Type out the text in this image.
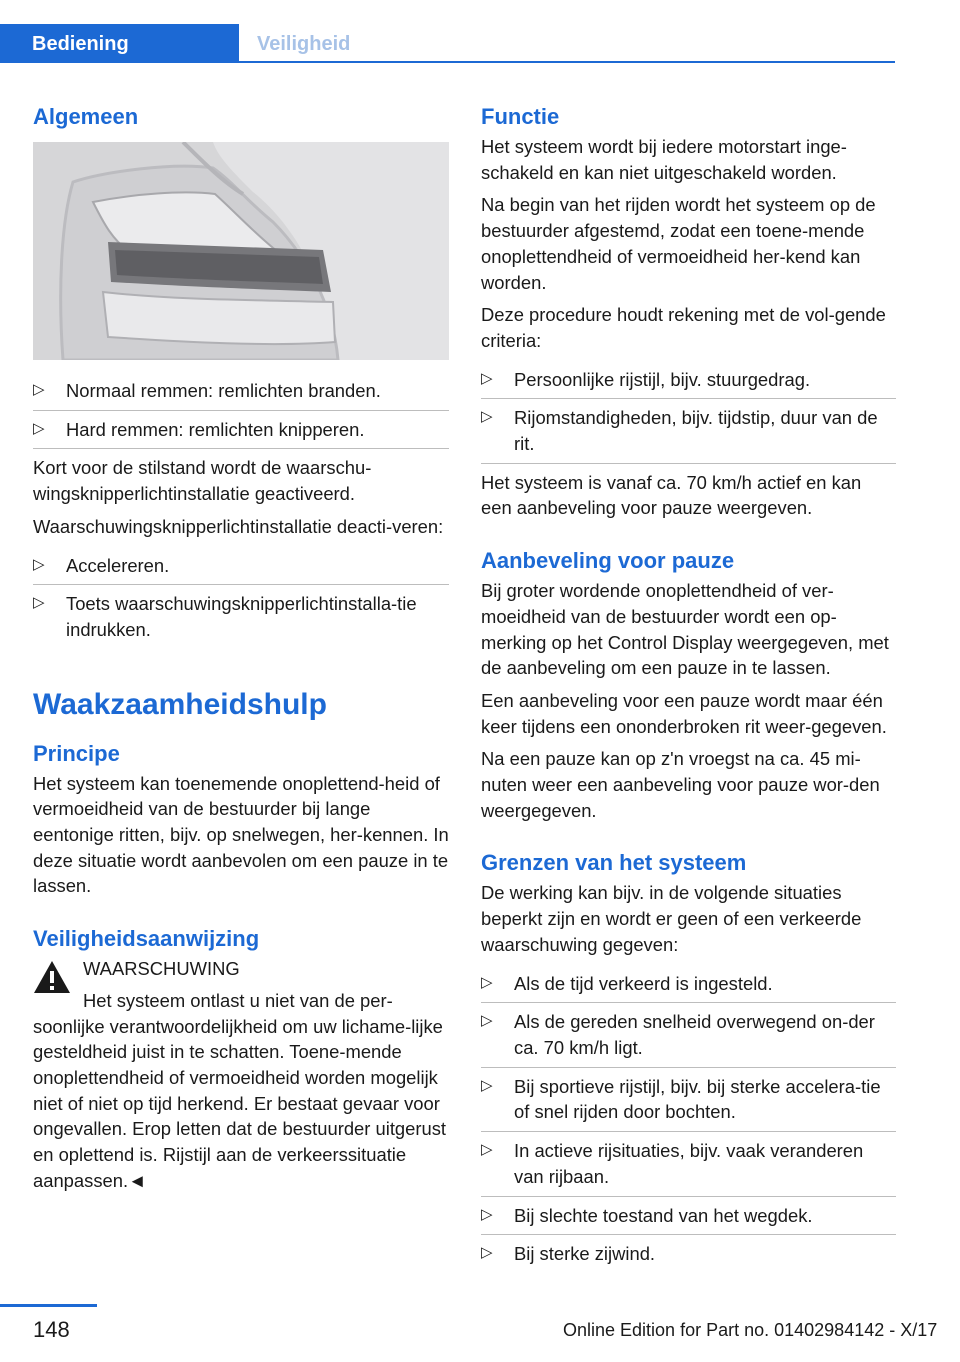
Bediening	Veiligheid
Algemeen
▷ Normaal remmen: remlichten branden.
▷ Hard remmen: remlichten knipperen.

Kort voor de stilstand wordt de waarschu-wingsknipperlichtinstallatie geactiveerd.

Waarschuwingsknipperlichtinstallatie deacti-veren:

▷ Accelereren.
▷ Toets waarschuwingsknipperlichtinstalla-tie indrukken.
Waakzaamheidshulp
Principe

Het systeem kan toenemende onoplettend-heid of vermoeidheid van de bestuurder bij lange eentonige ritten, bijv. op snelwegen, her-kennen. In deze situatie wordt aanbevolen om een pauze in te lassen.

Veiligheidsaanwijzing

WAARSCHUWING

Het systeem ontlast u niet van de per-soonlijke verantwoordelijkheid om uw lichame-lijke gesteldheid juist in te schatten. Toene-mende onoplettendheid of vermoeidheid worden mogelijk niet of niet op tijd herkend. Er bestaat gevaar voor ongevallen. Erop letten dat de bestuurder uitgerust en oplettend is. Rijstijl aan de verkeerssituatie aanpassen.◄

Functie

Het systeem wordt bij iedere motorstart inge-schakeld en kan niet uitgeschakeld worden.

Na begin van het rijden wordt het systeem op de bestuurder afgestemd, zodat een toene-mende onoplettendheid of vermoeidheid her-kend kan worden.

Deze procedure houdt rekening met de vol-gende criteria:

▷ Persoonlijke rijstijl, bijv. stuurgedrag.
▷ Rijomstandigheden, bijv. tijdstip, duur van de rit.

Het systeem is vanaf ca. 70 km/h actief en kan een aanbeveling voor pauze weergeven.

Aanbeveling voor pauze

Bij groter wordende onoplettendheid of ver-moeidheid van de bestuurder wordt een op-merking op het Control Display weergegeven, met de aanbeveling om een pauze in te lassen.

Een aanbeveling voor een pauze wordt maar één keer tijdens een ononderbroken rit weer-gegeven.

Na een pauze kan op z'n vroegst na ca. 45 mi-nuten weer een aanbeveling voor pauze wor-den weergegeven.

Grenzen van het systeem

De werking kan bijv. in de volgende situaties beperkt zijn en wordt er geen of een verkeerde waarschuwing gegeven:

▷ Als de tijd verkeerd is ingesteld.
▷ Als de gereden snelheid overwegend on-der ca. 70 km/h ligt.
▷ Bij sportieve rijstijl, bijv. bij sterke accelera-tie of snel rijden door bochten.
▷ In actieve rijsituaties, bijv. vaak veranderen van rijbaan.
▷ Bij slechte toestand van het wegdek.
▷ Bij sterke zijwind.
148	Online Edition for Part no. 01402984142 - X/17
